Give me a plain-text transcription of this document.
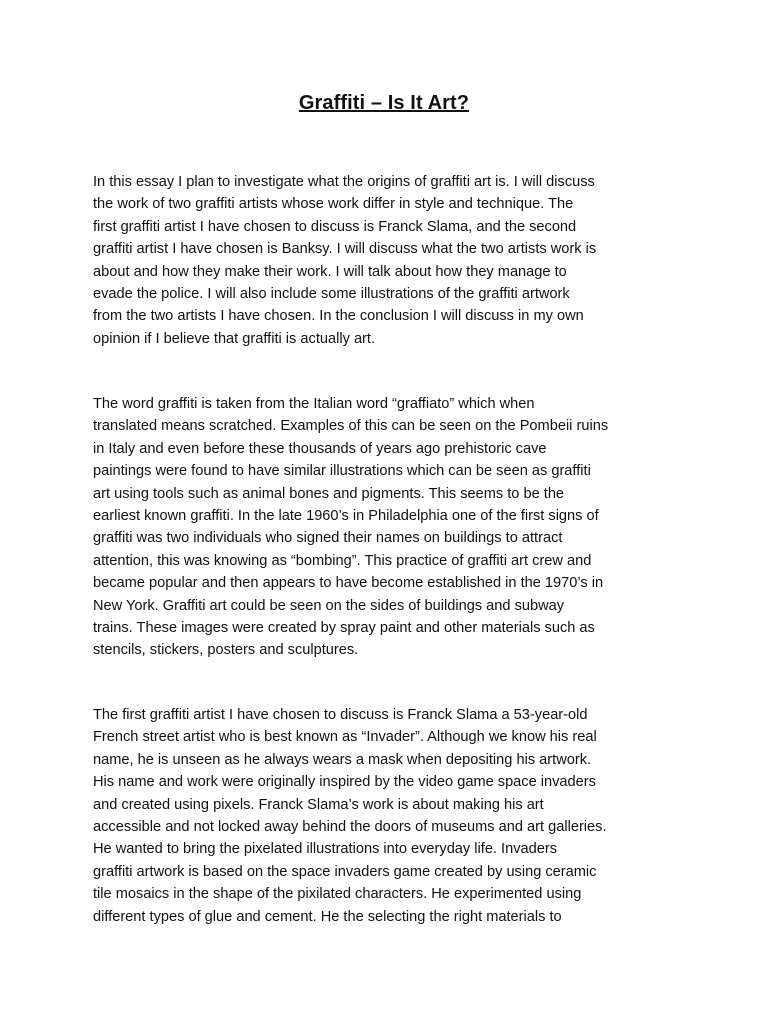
Graffiti – Is It Art?
In this essay I plan to investigate what the origins of graffiti art is. I will discuss
the work of two graffiti artists whose work differ in style and technique. The
first graffiti artist I have chosen to discuss is Franck Slama, and the second
graffiti artist I have chosen is Banksy. I will discuss what the two artists work is
about and how they make their work. I will talk about how they manage to
evade the police. I will also include some illustrations of the graffiti artwork
from the two artists I have chosen. In the conclusion I will discuss in my own
opinion if I believe that graffiti is actually art.
The word graffiti is taken from the Italian word “graffiato” which when
translated means scratched. Examples of this can be seen on the Pombeii ruins
in Italy and even before these thousands of years ago prehistoric cave
paintings were found to have similar illustrations which can be seen as graffiti
art using tools such as animal bones and pigments. This seems to be the
earliest known graffiti. In the late 1960’s in Philadelphia one of the first signs of
graffiti was two individuals who signed their names on buildings to attract
attention, this was knowing as “bombing”. This practice of graffiti art crew and
became popular and then appears to have become established in the 1970’s in
New York. Graffiti art could be seen on the sides of buildings and subway
trains. These images were created by spray paint and other materials such as
stencils, stickers, posters and sculptures.
The first graffiti artist I have chosen to discuss is Franck Slama a 53-year-old
French street artist who is best known as “Invader”. Although we know his real
name, he is unseen as he always wears a mask when depositing his artwork.
His name and work were originally inspired by the video game space invaders
and created using pixels. Franck Slama’s work is about making his art
accessible and not locked away behind the doors of museums and art galleries.
He wanted to bring the pixelated illustrations into everyday life. Invaders
graffiti artwork is based on the space invaders game created by using ceramic
tile mosaics in the shape of the pixilated characters. He experimented using
different types of glue and cement. He the selecting the right materials to
